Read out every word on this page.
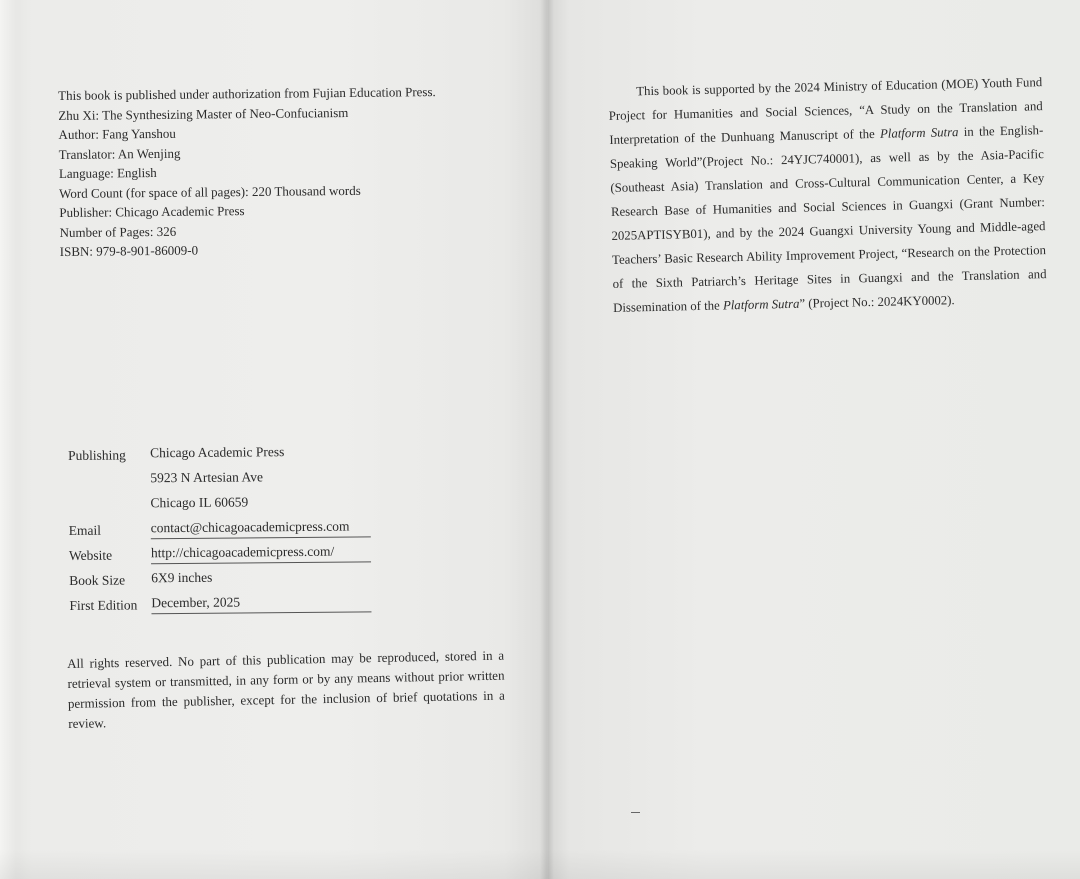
This book is published under authorization from Fujian Education Press.
Zhu Xi: The Synthesizing Master of Neo-Confucianism
Author: Fang Yanshou
Translator: An Wenjing
Language: English
Word Count (for space of all pages): 220 Thousand words
Publisher: Chicago Academic Press
Number of Pages: 326
ISBN: 979-8-901-86009-0
Publishing	Chicago Academic Press
5923 N Artesian Ave
Chicago IL 60659
Email	contact@chicagoacademicpress.com
Website	http://chicagoacademicpress.com/
Book Size	6X9 inches
First Edition	December, 2025
All rights reserved. No part of this publication may be reproduced, stored in a retrieval system or transmitted, in any form or by any means without prior written permission from the publisher, except for the inclusion of brief quotations in a review.
This book is supported by the 2024 Ministry of Education (MOE) Youth Fund Project for Humanities and Social Sciences, “A Study on the Translation and Interpretation of the Dunhuang Manuscript of the Platform Sutra in the English-Speaking World”(Project No.: 24YJC740001), as well as by the Asia-Pacific (Southeast Asia) Translation and Cross-Cultural Communication Center, a Key Research Base of Humanities and Social Sciences in Guangxi (Grant Number: 2025APTISYB01), and by the 2024 Guangxi University Young and Middle-aged Teachers’ Basic Research Ability Improvement Project, “Research on the Protection of the Sixth Patriarch’s Heritage Sites in Guangxi and the Translation and Dissemination of the Platform Sutra” (Project No.: 2024KY0002).
